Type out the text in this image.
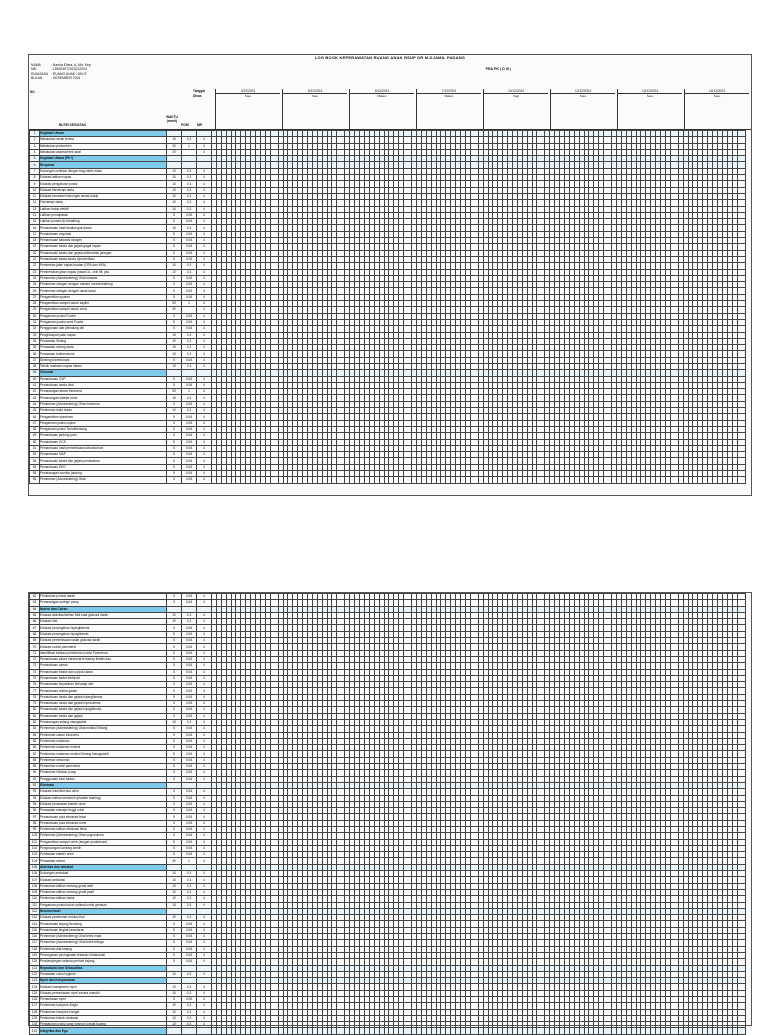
LOG BOOK KEPERAWATAN RUANG ANAK RSUP DR M.DJAMIL PADANG
NAMA	: Nanda Elvira, A. Md. Kep
NIK	: 199203072023212004
RUANGAN : RUANG ANAK / AKUT
BULAN	: DESEMBER 2024
PRA PK ( D III )
NO
BUTIR KEGIATAN
WAKTU (menit)
POIN	MR
Tanggal
Dinas
4/12/2024
Sore
5/12/2024
Sore
6/12/2024
Malam
7/12/2024
Malam
10/12/2024
Pagi
12/12/2024
Sore
13/12/2024
Sore
14/12/2024
Sore
1	Kegiatan Umum																																																																																																											
2	Melakukan serah terima	15	0,3	4																																																																																																								
3	Melakukan prekonfren	30	1	4																																																																																																								
4	Melakukan assessment awal	20		4																																																																																																								
5	Kegiatan Utama (PK I)																																																																																																											
6	Respirasi																																																																																																											
7	Dukungan ventilasi dengan bag-valve-mask	10	0,3	4																																																																																																								
8	Edukasi latihan napas	10	0,3	4																																																																																																								
9	Edukasi pengaturan posisi	10	0,3	4																																																																																																								
10	Edukasi fisioterapi dada	10	0,3	4																																																																																																								
11	Edukasi kenalkan/hubungan sesak-batuk	10	0,3	4																																																																																																								
12	Fisioterapi dada	10	0,3	4																																																																																																								
13	Latihan batuk efektif	10	0,3	4																																																																																																								
14	Latihan pernapasan	5	0,06	4																																																																																																								
15	Latihan pursed-lip breathing	5	0,06	4																																																																																																								
16	Pemantauan hasil analisa gas darah	15	0,3	4																																																																																																								
17	Pemantauan respirasi	5	0,06	4																																																																																																								
18	Pemantauan saturasi oksigen	5	0,06	4																																																																																																								
19	Pemantauan tanda dan gejala gagal napas	5	0,06	4																																																																																																								
20	Pemantauan tanda-dan gejala kelemahan jaringan	5	0,06	4																																																																																																								
21	Pemantauan tanda-tanda hipoventilasi	5	0,06	4																																																																																																								
22	Pemberian jalan napas buatan (OPA dan NPA)	10	0,3	4																																																																																																								
23	Pembersihan jalan napas (nasal OL, chin lift, jaw	10	0,3	4																																																																																																								
24	Pemberian (Administering) Obat inhalasi	5	0,06	4																																																																																																								
25	Pemberian oksigen dengan masker nonrebreathing	5	0,06	4																																																																																																								
26	Pemberian oksigen dengan nasal kanul	5	0,06	4																																																																																																								
27	Pengambilan sputum	5	0,06	4																																																																																																								
28	Pengambilan sampel darah kapiler	30	1	4																																																																																																								
29	Pengambilan sampel darah vena	30		4																																																																																																								
30	Pengaturan posisi Fowler	5	0,06	4																																																																																																								
31	Pengaturan posisi semi Fowler	5	0,06	4																																																																																																								
32	Penggunaan alat pelindung diri	5	0,06	4																																																																																																								
33	Penghisapan jalan napas	15	0,3	4																																																																																																								
34	Perawatan Selang	10	0,3	4																																																																																																								
35	Perawatan selang dada	15	0,3	4																																																																																																								
36	Perawatan trakheostomi	15	0,3	4																																																																																																								
37	Skrining tuberkulosis	5	0,06	4																																																																																																								
38	Teknik relaksasi napas dalam	10	0,3	4																																																																																																								
39	Sirkulasi																																																																																																											
40	Pemantauan CVP	5	0,06	4																																																																																																								
41	Pemantauan tanda vital	5	0,06	4																																																																																																								
42	Pemasangan akses intravena	30	1	4																																																																																																								
43	Pemasangan kateter urine	15	0,3	4																																																																																																								
44	Pemberian (Administering) Obat intravena	5	0,06	4																																																																																																								
45	Pemberian balut tekan	10	0,3	4																																																																																																								
46	Pengambilan spesimen	5	0,06	4																																																																																																								
47	Pengaturan posisi supine	5	0,06	4																																																																																																								
48	Pengaturan posisi Trendelenburg	5	0,06	4																																																																																																								
49	Pemantauan jantung paru	5	0,06	4																																																																																																								
50	Pemantauan GCS	5	0,06	4																																																																																																								
51	Pemantauan hasil pemeriksaan laboratorium	5	0,06	4																																																																																																								
52	Pemantauan MAP	5	0,06	4																																																																																																								
53	Pemantauan tanda dan gejala perdarahan	5	0,06	4																																																																																																								
54	Pemantauan EKG	5	0,06	4																																																																																																								
55	Pemasangan monitor jantung	5	0,06	4																																																																																																								
56	Pemberian (Administering) Obat	5	0,06	4																																																																																																								
62	Pemberian produk darah	5	0,06	4																																																																																																								
63	Pemasangan syringe pump	5	0,06	4																																																																																																								
64	Nutrisi dan Cairan																																																																																																											
65	Edukasi aktivitas/latihan fisik saat glukosa darah	10	0,3	4																																																																																																								
66	Edukasi diet	10	0,3	4																																																																																																								
67	Edukasi pencegahan hiperglikemia	5	0,06	4																																																																																																								
68	Edukasi pencegahan hipoglikemia	5	0,06	4																																																																																																								
69	Edukasi pemeriksaan kadar glukosa darah	5	0,06	4																																																																																																								
70	Edukasi nutrisi parenteral	5	0,06	4																																																																																																								
71	Identifikasi indikasi pemberian nutrisi Parenteral	5	0,06	4																																																																																																								
72	Pemantauan akses intravena terhadap flebitis dan	5	0,06	4																																																																																																								
73	Pemantauan cairan	5	0,06	4																																																																																																								
74	Pemantauan intake dan output cairan	5	0,06	4																																																																																																								
75	Pemantauan kadar elektrolit	5	0,06	4																																																																																																								
76	Pemantauan kepatuhan terhadap diet	5	0,06	4																																																																																																								
77	Pemantauan residu gaster	5	0,06	4																																																																																																								
78	Pemantauan tanda dan gejala hiperglikemia	5	0,06	4																																																																																																								
79	Pemantauan tanda dan gejala hipovolemia	5	0,06	4																																																																																																								
80	Pemantauan tanda dan gejala hipoglikemia	5	0,06	4																																																																																																								
81	Pemantauan tanda dan gejala	5	0,06	4																																																																																																								
82	Pemasangan selang nasogastrik	15	0,3	4																																																																																																								
83	Pemberian (Administering) Obat melalui Selang	5	0,06	4																																																																																																								
84	Pemberian cairan intravena	5	0,06	4																																																																																																								
85	Pemberian makanan	5	0,06	4																																																																																																								
86	Pemberian makanan enteral	5	0,06	4																																																																																																								
87	Pemberian makanan melalui Selang Nasogastrik	5	0,06	4																																																																																																								
88	Pemberian minuman	5	0,06	4																																																																																																								
89	Pemberian nutrisi parenteral	5	0,06	4																																																																																																								
90	Pemberian infusion pump	5	0,06	4																																																																																																								
91	Penggunaan besi badan	5	0,06	4																																																																																																								
92	Eliminasi																																																																																																											
93	Edukasi inkontinensia urine	5	0,06	4																																																																																																								
94	Edukasi latihan berkemih (bladder training)	5	0,06	4																																																																																																								
95	Edukasi perawatan kateter urine	5	0,06	4																																																																																																								
96	Perawatan manajer tinggi urine	5	0,06	4																																																																																																								
97	Pemantauan pola eliminasi fekal	5	0,06	4																																																																																																								
98	Pemantauan pola eliminasi urine	5	0,06	4																																																																																																								
99	Pemberian latihan eliminasi fekal	5	0,06	4																																																																																																								
100	Pemberian (Administering) Obat suppositoria	5	0,06	4																																																																																																								
101	Pengambilan sampel urine (tengah (midstream)	5	0,06	4																																																																																																								
102	Pengosongan kantung kemih	5	0,06	4																																																																																																								
103	Perawatan kateter urine	5	0,06	4																																																																																																								
104	Perawatan stoma	30	1	4																																																																																																								
105	Aktivitas dan Istirahat																																																																																																											
106	Dukungan ambulasi	10	0,3	4																																																																																																								
107	Edukasi ambulasi	10	0,3	4																																																																																																								
108	Pemberian latihan rentang gerak aktif	10	0,3	4																																																																																																								
109	Pemberian latihan rentang gerak pasif	10	0,3	4																																																																																																								
110	Pemberian latihan batuk	10	0,3	4																																																																																																								
111	Pengaturan posisi tubuh optimal untuk gerakan	15	0,3	4																																																																																																								
112	Neurosensori																																																																																																											
113	Edukasi pemberian reduksi tirai	10	0,3	4																																																																																																								
114	Pemantauan kejang berulang	5	0,06	4																																																																																																								
115	Pemantauan tingkat kesadaran	5	0,06	4																																																																																																								
116	Pemberian (Administering) Obat tetes mata	5	0,06	4																																																																																																								
117	Pemberian (Administering) Obat tetes telinga	5	0,06	4																																																																																																								
118	Pemberian alat kejang	5	0,06	4																																																																																																								
119	Pencegahan peningkatan tekanan Intrakranial	5	0,06	4																																																																																																								
120	Pendampingan selama periode kejang	5	0,06	4																																																																																																								
121	Reproduksi dan Seksualitas																																																																																																											
122	Perawatan vulva hygiene	10	0,3	4																																																																																																								
123	Nyeri dan Kenyamanan																																																																																																											
124	Edukasi manajemen nyeri	10	0,3	4																																																																																																								
125	Edukasi pemantauan nyeri secara mandiri	10	0,3	4																																																																																																								
126	Pemantauan nyeri	5	0,06	4																																																																																																								
127	Pemberian kompres dingin	10	0,3	4																																																																																																								
128	Pemberian kompres hangat	10	0,3	4																																																																																																								
129	Pemberian teknik relaksasi	10	0,3	4																																																																																																								
130	Pengaturan posisi yang nyaman (rawat topang	10	0,3	4																																																																																																								
131	Integritas dan Ego																																																																																																											
